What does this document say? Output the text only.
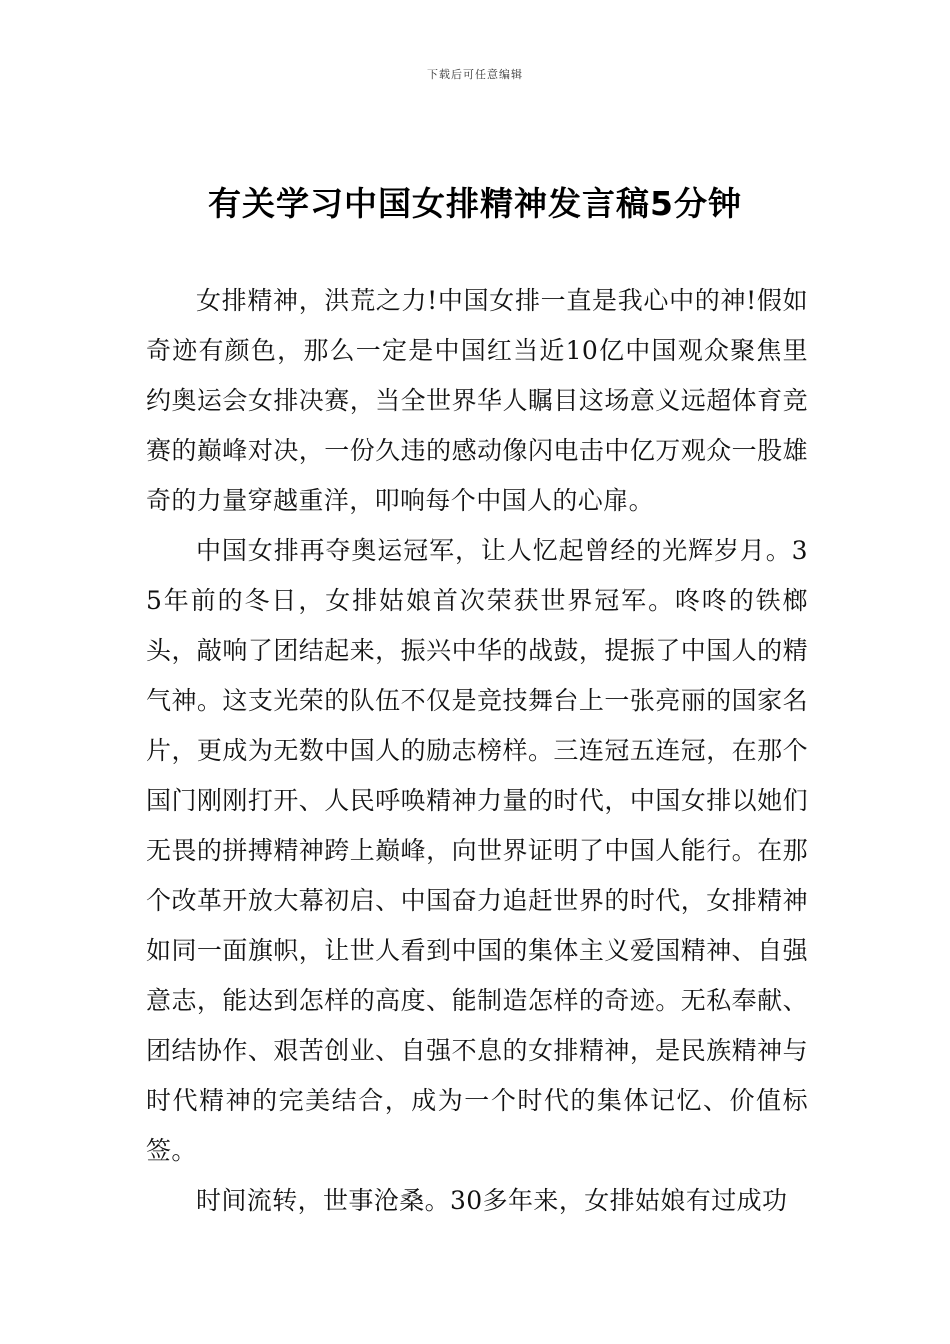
下载后可任意编辑
有关学习中国女排精神发言稿5分钟

女排精神，洪荒之力!中国女排一直是我心中的神!假如奇迹有颜色，那么一定是中国红当近10亿中国观众聚焦里约奥运会女排决赛，当全世界华人瞩目这场意义远超体育竞赛的巅峰对决，一份久违的感动像闪电击中亿万观众一股雄奇的力量穿越重洋，叩响每个中国人的心扉。

中国女排再夺奥运冠军，让人忆起曾经的光辉岁月。35年前的冬日，女排姑娘首次荣获世界冠军。咚咚的铁榔头，敲响了团结起来，振兴中华的战鼓，提振了中国人的精气神。这支光荣的队伍不仅是竞技舞台上一张亮丽的国家名片，更成为无数中国人的励志榜样。三连冠五连冠，在那个国门刚刚打开、人民呼唤精神力量的时代，中国女排以她们无畏的拼搏精神跨上巅峰，向世界证明了中国人能行。在那个改革开放大幕初启、中国奋力追赶世界的时代，女排精神如同一面旗帜，让世人看到中国的集体主义爱国精神、自强意志，能达到怎样的高度、能制造怎样的奇迹。无私奉献、团结协作、艰苦创业、自强不息的女排精神，是民族精神与时代精神的完美结合，成为一个时代的集体记忆、价值标签。

时间流转，世事沧桑。30多年来，女排姑娘有过成功
